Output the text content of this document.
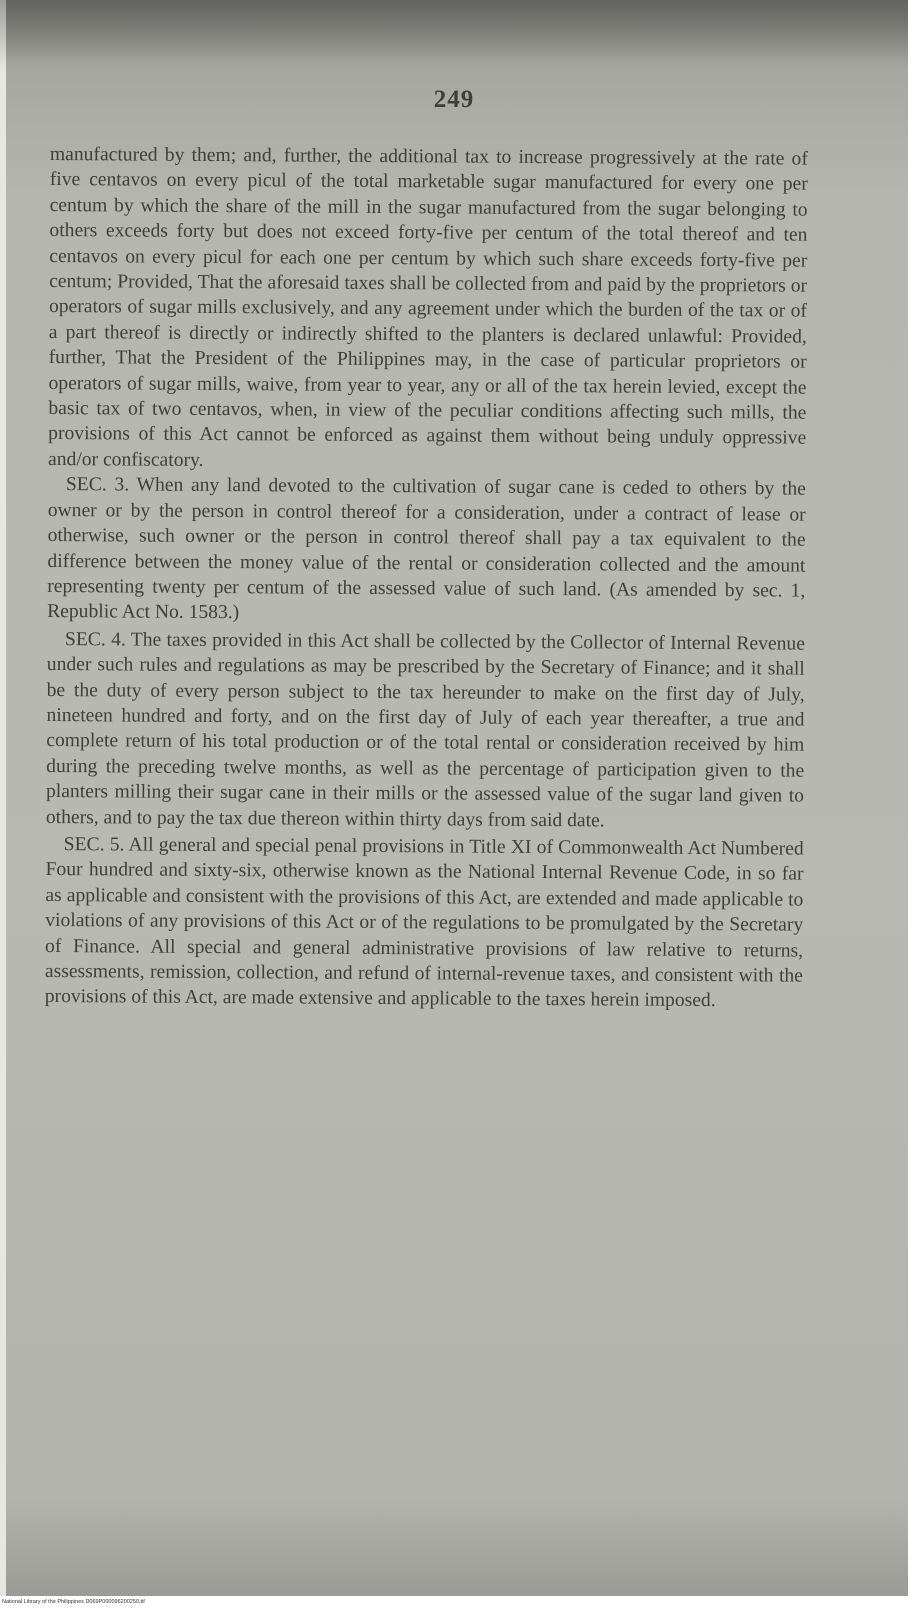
249

manufactured by them; and, further, the additional tax to increase progressively at the rate of five centavos on every picul of the total marketable sugar manufactured for every one per centum by which the share of the mill in the sugar manufactured from the sugar belonging to others exceeds forty but does not exceed forty-five per centum of the total thereof and ten centavos on every picul for each one per centum by which such share exceeds forty-five per centum; Provided, That the aforesaid taxes shall be collected from and paid by the proprietors or operators of sugar mills exclusively, and any agreement under which the burden of the tax or of a part thereof is directly or indirectly shifted to the planters is declared unlawful: Provided, further, That the President of the Philippines may, in the case of particular proprietors or operators of sugar mills, waive, from year to year, any or all of the tax herein levied, except the basic tax of two centavos, when, in view of the peculiar conditions affecting such mills, the provisions of this Act cannot be enforced as against them without being unduly oppressive and/or confiscatory.

SEC. 3. When any land devoted to the cultivation of sugar cane is ceded to others by the owner or by the person in control thereof for a consideration, under a contract of lease or otherwise, such owner or the person in control thereof shall pay a tax equivalent to the difference between the money value of the rental or consideration collected and the amount representing twenty per centum of the assessed value of such land. (As amended by sec. 1, Republic Act No. 1583.)

SEC. 4. The taxes provided in this Act shall be collected by the Collector of Internal Revenue under such rules and regulations as may be prescribed by the Secretary of Finance; and it shall be the duty of every person subject to the tax hereunder to make on the first day of July, nineteen hundred and forty, and on the first day of July of each year thereafter, a true and complete return of his total production or of the total rental or consideration received by him during the preceding twelve months, as well as the percentage of participation given to the planters milling their sugar cane in their mills or the assessed value of the sugar land given to others, and to pay the tax due thereon within thirty days from said date.

SEC. 5. All general and special penal provisions in Title XI of Commonwealth Act Numbered Four hundred and sixty-six, otherwise known as the National Internal Revenue Code, in so far as applicable and consistent with the provisions of this Act, are extended and made applicable to violations of any provisions of this Act or of the regulations to be promulgated by the Secretary of Finance. All special and general administrative provisions of law relative to returns, assessments, remission, collection, and refund of internal-revenue taxes, and consistent with the provisions of this Act, are made extensive and applicable to the taxes herein imposed.

National Library of the Philippines D069P000096200250.tif
